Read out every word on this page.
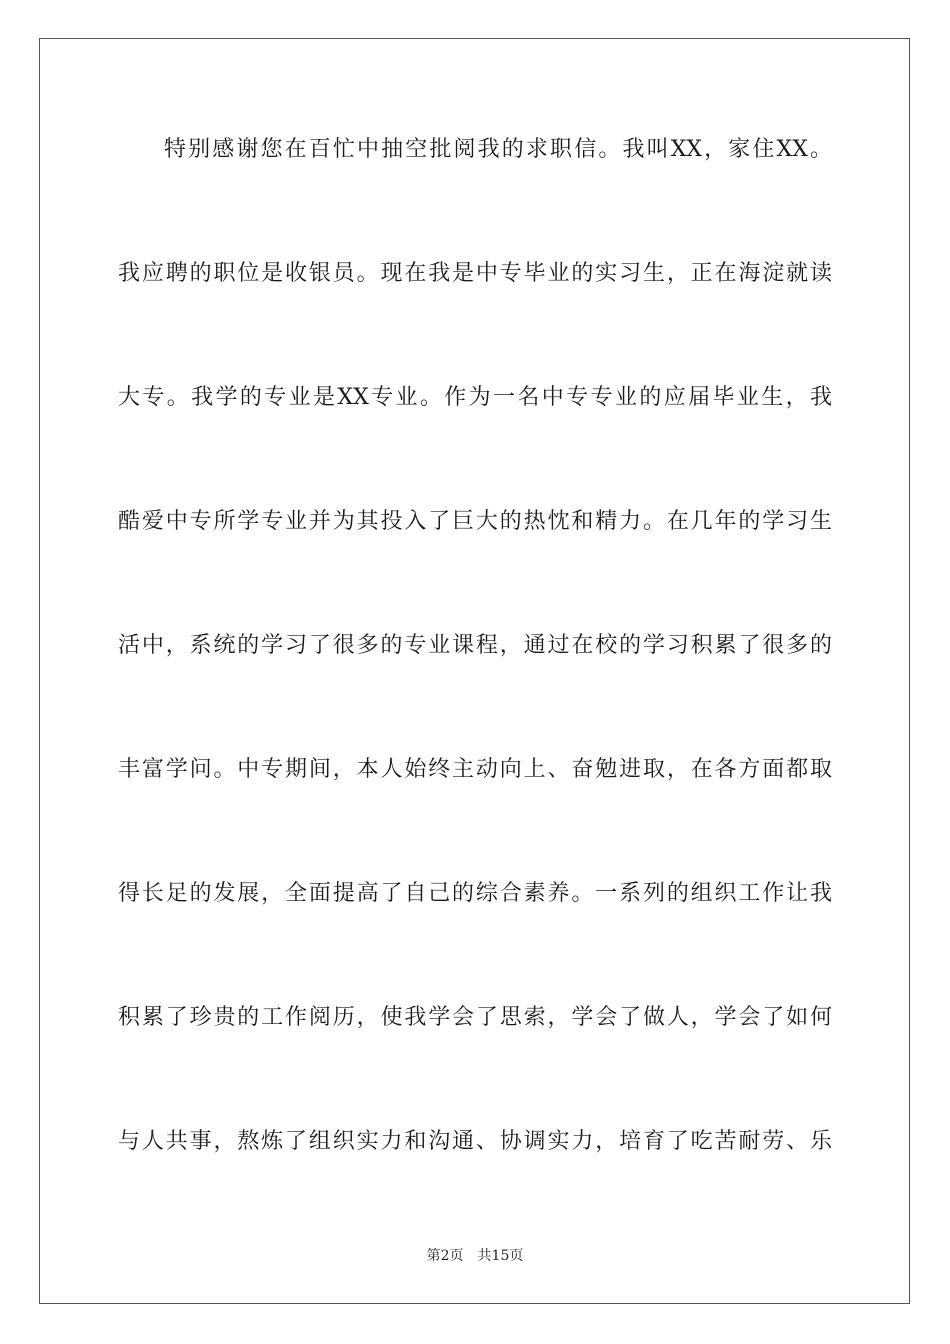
特别感谢您在百忙中抽空批阅我的求职信。我叫XX，家住XX。
我应聘的职位是收银员。现在我是中专毕业的实习生，正在海淀就读
大专。我学的专业是XX专业。作为一名中专专业的应届毕业生，我
酷爱中专所学专业并为其投入了巨大的热忱和精力。在几年的学习生
活中，系统的学习了很多的专业课程，通过在校的学习积累了很多的
丰富学问。中专期间，本人始终主动向上、奋勉进取，在各方面都取
得长足的发展，全面提高了自己的综合素养。一系列的组织工作让我
积累了珍贵的工作阅历，使我学会了思索，学会了做人，学会了如何
与人共事，熬炼了组织实力和沟通、协调实力，培育了吃苦耐劳、乐
第2页 共15页
